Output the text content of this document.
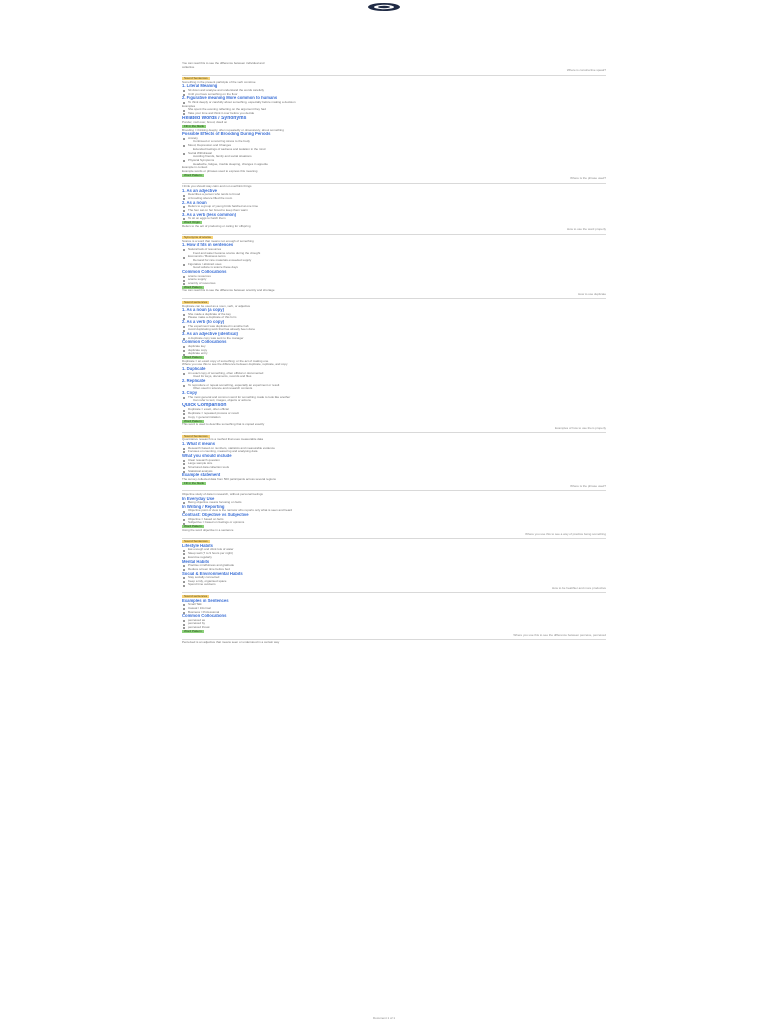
You can read this to see the difference between individual and
collective
Where is constructive speak?
Sound Sentences
Something in the present participle of the verb construe
1. Literal Meaning
Sit down and analyse and understand the words carefully
Until you have something on the floor
2. Figurative meaning More common to humans
To think deeply or carefully about something, especially before making a decision
Examples
She spent the evening reflecting on the argument they had
Take your time and think it over before you decide
Related Words / Synonyms
Ponder, mull over, brood, dwell on
Fill in the blank
Brooding = thinking deeply, often repeatedly or obsessively, about something
Possible Effects of Brooding During Periods
Anxiety
Continued or a recurring stress to the body
Mood, Depression and Changes
Extended feelings of sadness and isolation in the mind
Social Withdrawal
Avoiding friends, family and social situations
Physical Symptoms
Headache, fatigue, trouble sleeping, changes in appetite
Example in context
Example words or phrases used to express this meaning
Word Pattern
Where is the phrase used?
I think you should stay calm and not overthink things
1. As an adjective
Describes a person who tends to brood
A brooding silence filled the room
2. As a noun
Refers to a group of young birds hatched at one time
The hen sat on her brood to keep them warm
3. As a verb (less common)
To sit on eggs to hatch them
Word Origin
Refers to the act of producing or caring for offspring
How to use the word properly
Synonyms of scarce
Scarce is a word that means not enough of something
1. How it fits in sentences
Natural lack of resources
Food and water became scarce during the drought
Economics / Business terms
Demand for rare materials exceeded supply
Figurative / abstract uses
Good advice is scarce these days
Common Collocations
scarce resources
scarce supply
scarcity of resources
Word Pattern
You can read this to see the difference between scarcity and shortage
How to use duplicate
Sound sentences
Duplicate can be used as a noun, verb, or adjective
1. As a noun (a copy)
She made a duplicate of the key
Please make a duplicate of this form
2. As a verb (to copy)
The experiment was duplicated in another lab
Avoid duplicating work that has already been done
3. As an adjective (identical)
A duplicate copy was sent to the manager
Common Collocations
duplicate key
duplicate copy
duplicate entry
Word Pattern
Duplicate = an exact copy of something; or the act of making one
Where you use this to see the difference between duplicate, replicate, and copy
1. Duplicate
An exact copy of something, often official or documented
Used for keys, documents, records and files
2. Replicate
To reproduce or repeat something, especially an experiment or result
Often used in science and research contexts
3. Copy
The most general and common word for something made to look like another
Can refer to text, images, objects or actions
Quick Comparison
Duplicate = exact, often official
Replicate = repeated process or result
Copy = general imitation
Word Pattern
This word is used to describe something that is copied exactly
Examples of how to use them properly
Sound Sentences
Quantitative research is a method that uses measurable data
1. What it means
Research based on numbers, statistics and measurable evidence
Focuses on counting, measuring and analysing data
What you should include
Clear research question
Large sample size
Structured data collection tools
Statistical analysis
Example statement
The survey collected data from 500 participants across several regions
Fill in the blank
Where is the phrase used?
Objective study of data in research, without personal feelings
In Everyday Use
Being objective means focusing on facts
In Writing / Reporting
Objective point of view is the narrator who reports only what is seen and heard
Contrast: Objective vs Subjective
Objective = based on facts
Subjective = based on feelings or opinions
Word Pattern
Using the word objective in a sentence
Where you use this to see a way of practice being something
Sound Sentences
Lifestyle Habits
Eat enough and drink lots of water
Sleep well (7 to 9 hours per night)
Exercise regularly
Mental Habits
Practise mindfulness and gratitude
Reduce screen time before bed
Social & Environmental Habits
Stay socially connected
Keep a tidy, organised space
Spend time outdoors
How to be healthier and more productive
Sound sentences
Examples in Sentences
Small Talk
Casual / Informal
Business / Professional
Common Collocations
perceived as
perceived by
perceived threat
Word Pattern
Where you use this to see the difference between perceive, perceived
Perceived is an adjective that means seen or understood in a certain way
Document 1 of 1
